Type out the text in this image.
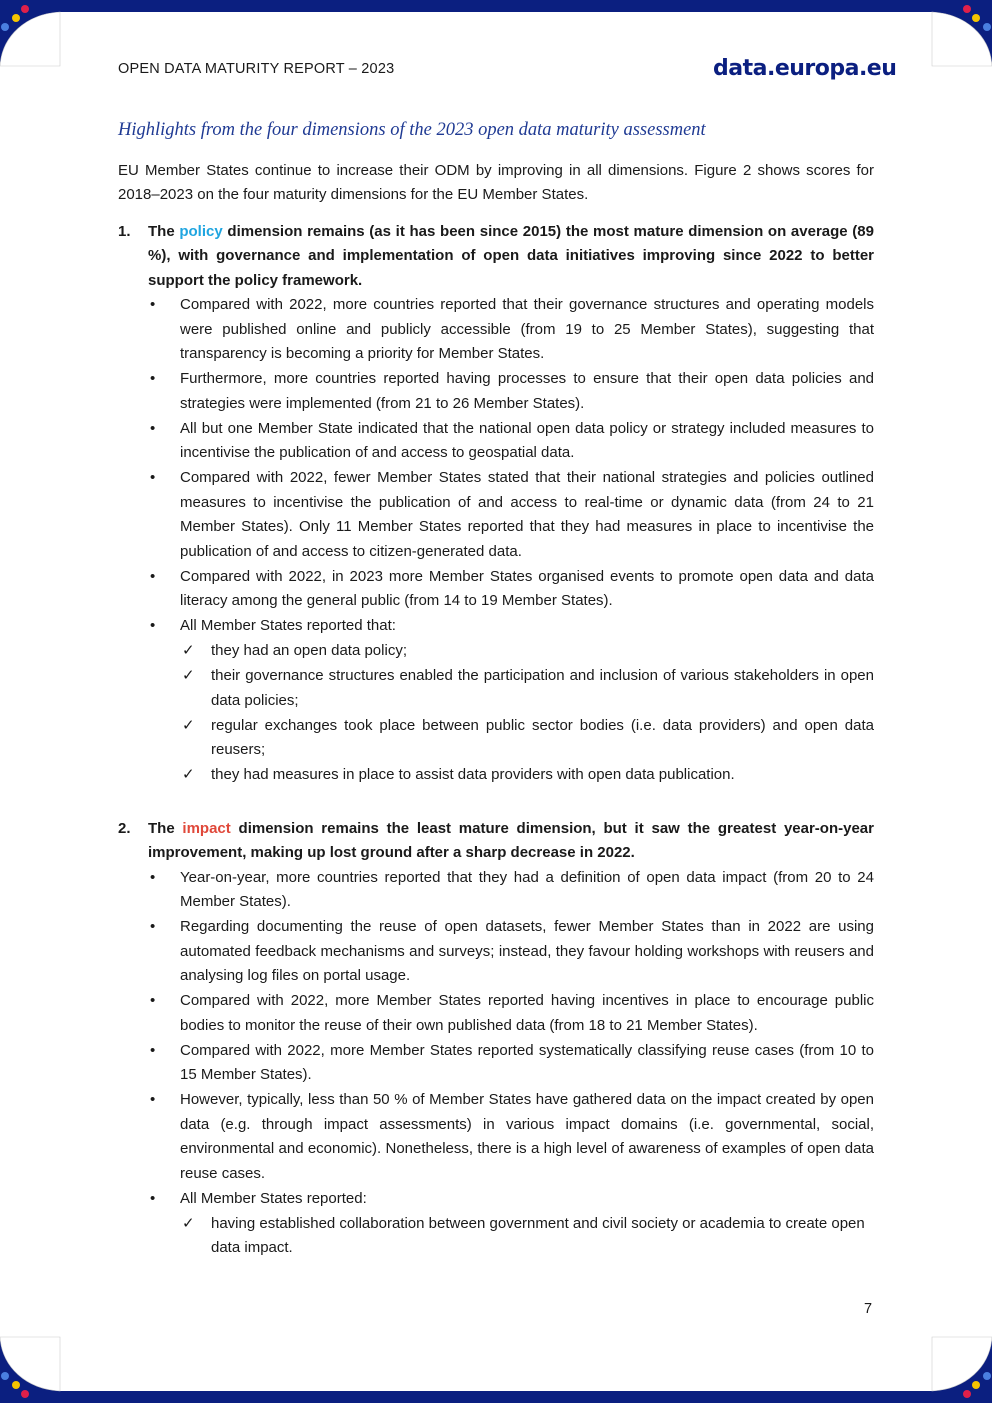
OPEN DATA MATURITY REPORT – 2023	data.europa.eu
Highlights from the four dimensions of the 2023 open data maturity assessment

EU Member States continue to increase their ODM by improving in all dimensions. Figure 2 shows scores for 2018–2023 on the four maturity dimensions for the EU Member States.

1.	The policy dimension remains (as it has been since 2015) the most mature dimension on average (89 %), with governance and implementation of open data initiatives improving since 2022 to better support the policy framework.
•	Compared with 2022, more countries reported that their governance structures and operating models were published online and publicly accessible (from 19 to 25 Member States), suggesting that transparency is becoming a priority for Member States.
•	Furthermore, more countries reported having processes to ensure that their open data policies and strategies were implemented (from 21 to 26 Member States).
•	All but one Member State indicated that the national open data policy or strategy included measures to incentivise the publication of and access to geospatial data.
•	Compared with 2022, fewer Member States stated that their national strategies and policies outlined measures to incentivise the publication of and access to real-time or dynamic data (from 24 to 21 Member States). Only 11 Member States reported that they had measures in place to incentivise the publication of and access to citizen-generated data.
•	Compared with 2022, in 2023 more Member States organised events to promote open data and data literacy among the general public (from 14 to 19 Member States).
•	All Member States reported that:
✓	they had an open data policy;
✓	their governance structures enabled the participation and inclusion of various stakeholders in open data policies;
✓	regular exchanges took place between public sector bodies (i.e. data providers) and open data reusers;
✓	they had measures in place to assist data providers with open data publication.
2.	The impact dimension remains the least mature dimension, but it saw the greatest year-on-year improvement, making up lost ground after a sharp decrease in 2022.
•	Year-on-year, more countries reported that they had a definition of open data impact (from 20 to 24 Member States).
•	Regarding documenting the reuse of open datasets, fewer Member States than in 2022 are using automated feedback mechanisms and surveys; instead, they favour holding workshops with reusers and analysing log files on portal usage.
•	Compared with 2022, more Member States reported having incentives in place to encourage public bodies to monitor the reuse of their own published data (from 18 to 21 Member States).
•	Compared with 2022, more Member States reported systematically classifying reuse cases (from 10 to 15 Member States).
•	However, typically, less than 50 % of Member States have gathered data on the impact created by open data (e.g. through impact assessments) in various impact domains (i.e. governmental, social, environmental and economic). Nonetheless, there is a high level of awareness of examples of open data reuse cases.
•	All Member States reported:
✓	having established collaboration between government and civil society or academia to create open data impact.
7
